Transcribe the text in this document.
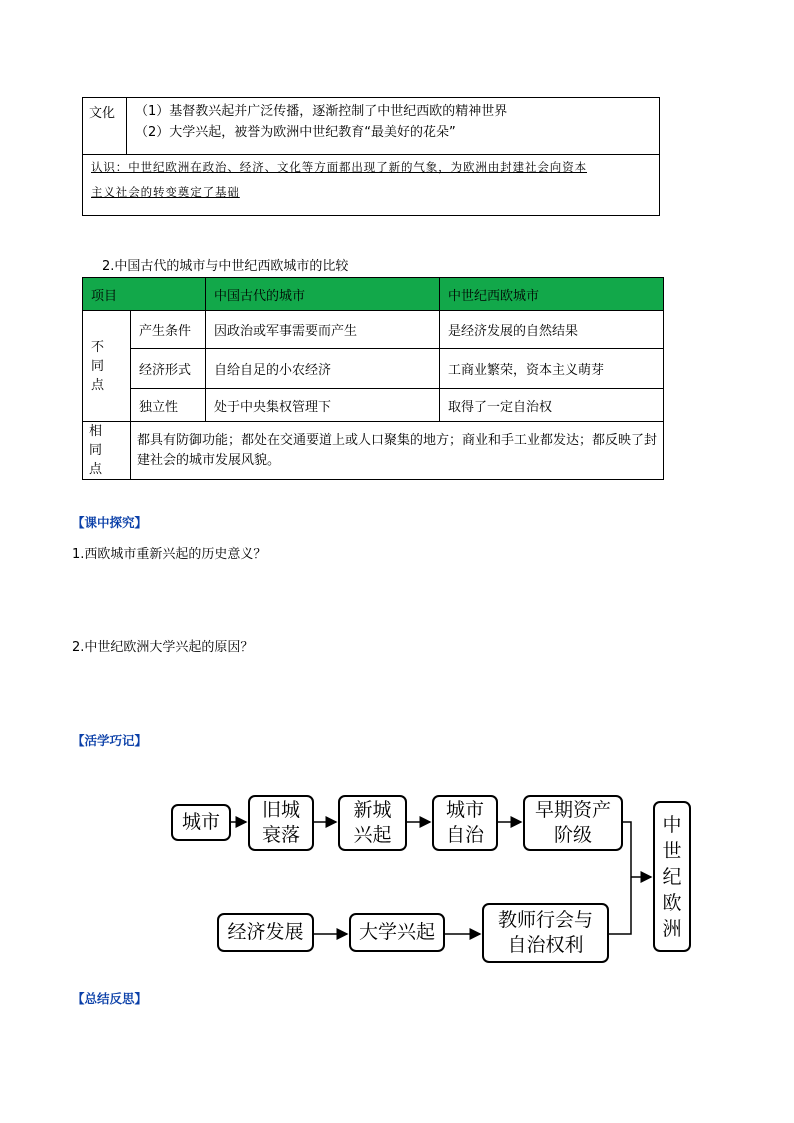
文化	（1）基督教兴起并广泛传播，逐渐控制了中世纪西欧的精神世界
（2）大学兴起，被誉为欧洲中世纪教育“最美好的花朵”
认识：中世纪欧洲在政治、经济、文化等方面都出现了新的气象，为欧洲由封建社会向资本
主义社会的转变奠定了基础
2.中国古代的城市与中世纪西欧城市的比较
项目		中国古代的城市	中世纪西欧城市

不同点	产生条件	因政治或军事需要而产生	是经济发展的自然结果
	经济形式	自给自足的小农经济	工商业繁荣，资本主义萌芽
	独立性	处于中央集权管理下	取得了一定自治权

相同点	都具有防御功能；都处在交通要道上或人口聚集的地方；商业和手工业都发达；都反映了封建社会的城市发展风貌。		
【课中探究】
1.西欧城市重新兴起的历史意义？
2.中世纪欧洲大学兴起的原因？
【活学巧记】
城市
旧城
衰落
新城
兴起
城市
自治
早期资产
阶级
经济发展	大学兴起
教师行会与
自治权利
中
世
纪
欧
洲
【总结反思】
